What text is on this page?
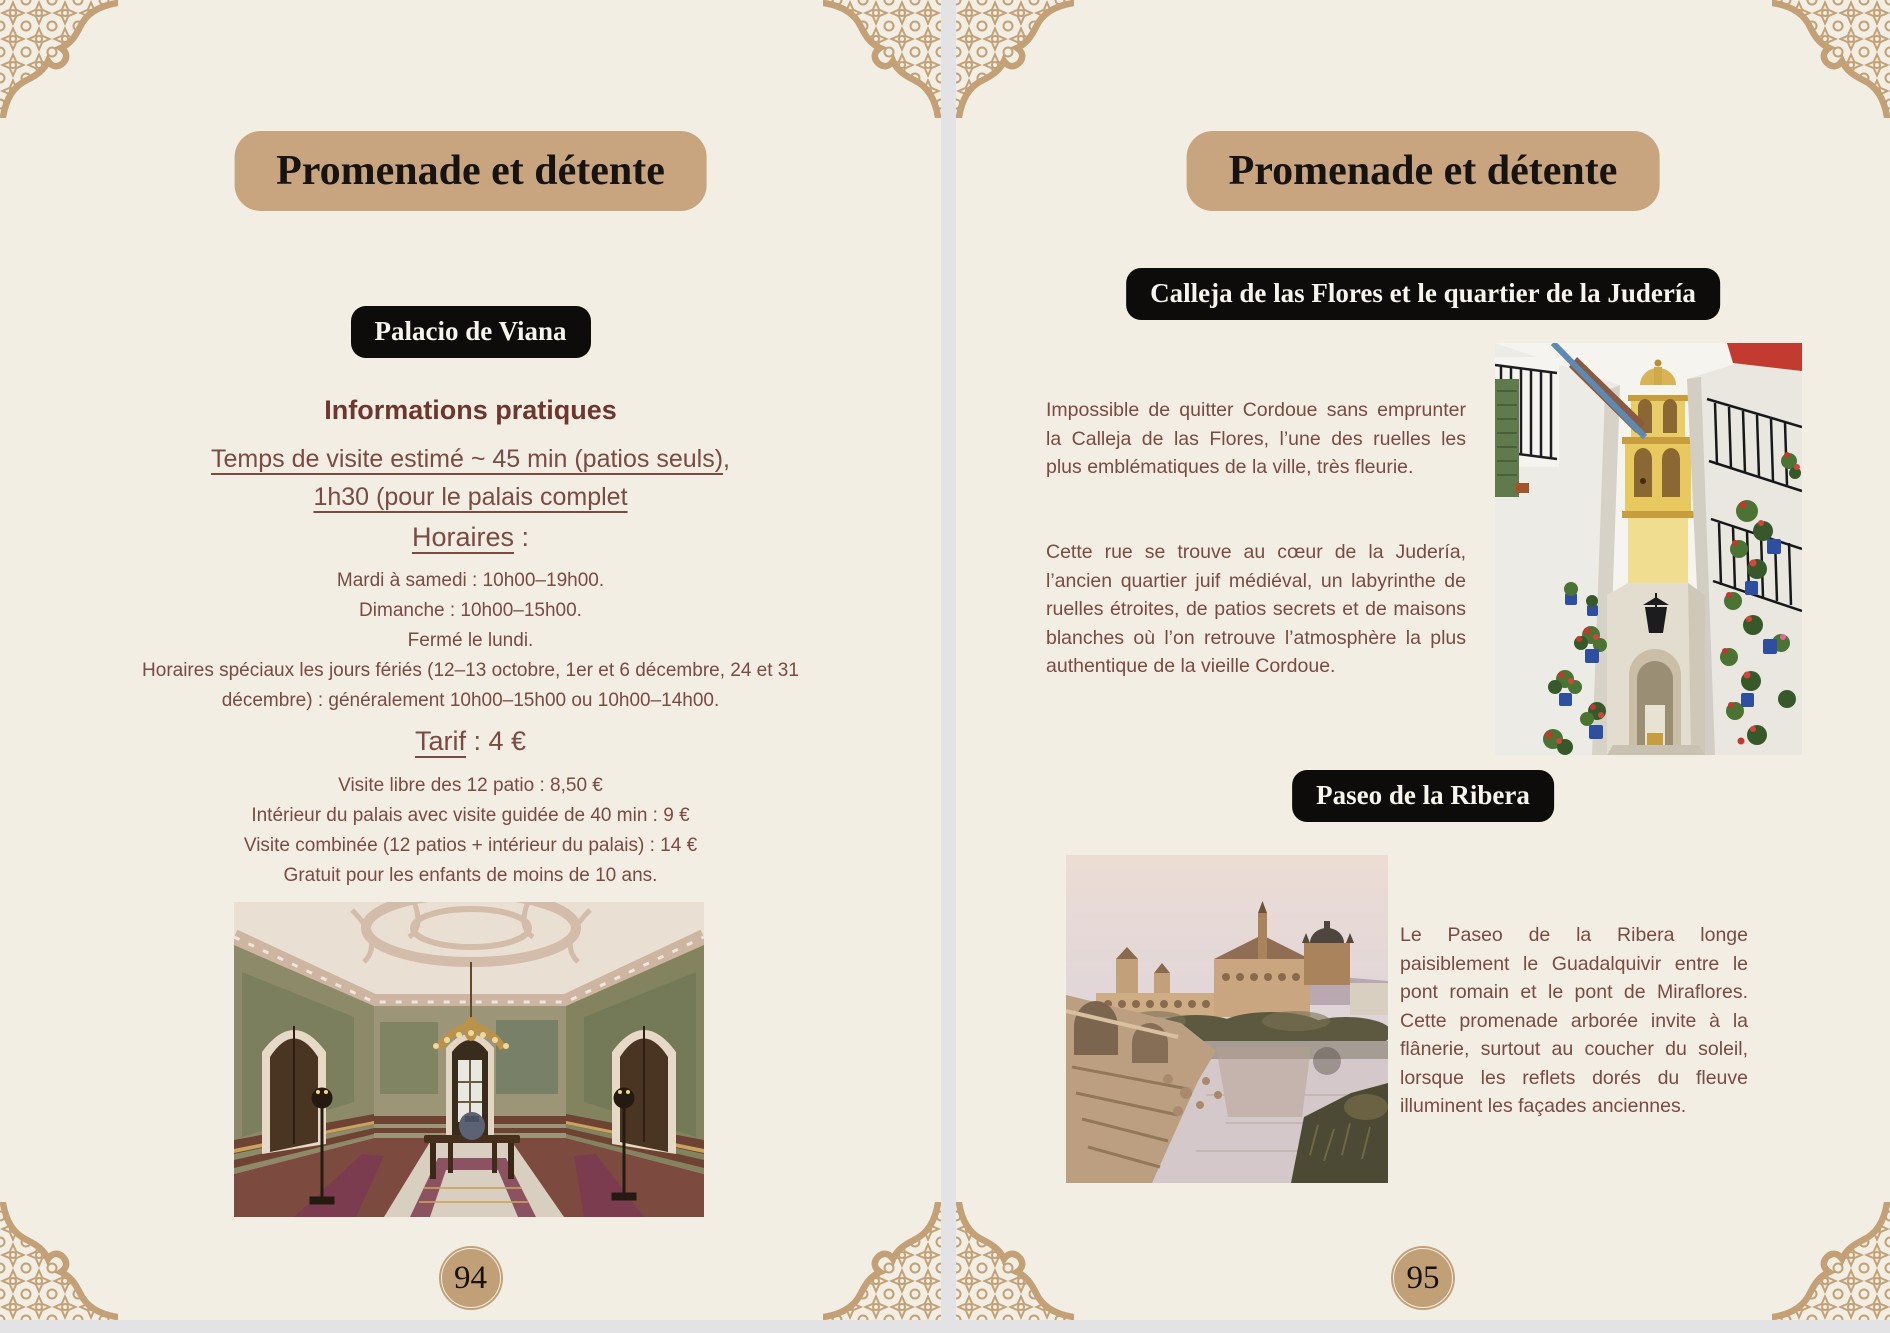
Promenade et détente
Palacio de Viana
Informations pratiques
Temps de visite estimé ~ 45 min (patios seuls),
1h30 (pour le palais complet
Horaires :
Mardi à samedi : 10h00–19h00.
Dimanche : 10h00–15h00.
Fermé le lundi.
Horaires spéciaux les jours fériés (12–13 octobre, 1er et 6 décembre, 24 et 31 décembre) : généralement 10h00–15h00 ou 10h00–14h00.
Tarif : 4 €
Visite libre des 12 patio : 8,50 €
Intérieur du palais avec visite guidée de 40 min : 9 €
Visite combinée (12 patios + intérieur du palais) : 14 €
Gratuit pour les enfants de moins de 10 ans.
94
Promenade et détente
Calleja de las Flores et le quartier de la Judería
Impossible de quitter Cordoue sans emprunter la Calleja de las Flores, l’une des ruelles les plus emblématiques de la ville, très fleurie.
Cette rue se trouve au cœur de la Judería, l’ancien quartier juif médiéval, un labyrinthe de ruelles étroites, de patios secrets et de maisons blanches où l’on retrouve l’atmosphère la plus authentique de la vieille Cordoue.
Paseo de la Ribera
Le Paseo de la Ribera longe paisiblement le Guadalquivir entre le pont romain et le pont de Miraflores. Cette promenade arborée invite à la flânerie, surtout au coucher du soleil, lorsque les reflets dorés du fleuve illuminent les façades anciennes.
95
